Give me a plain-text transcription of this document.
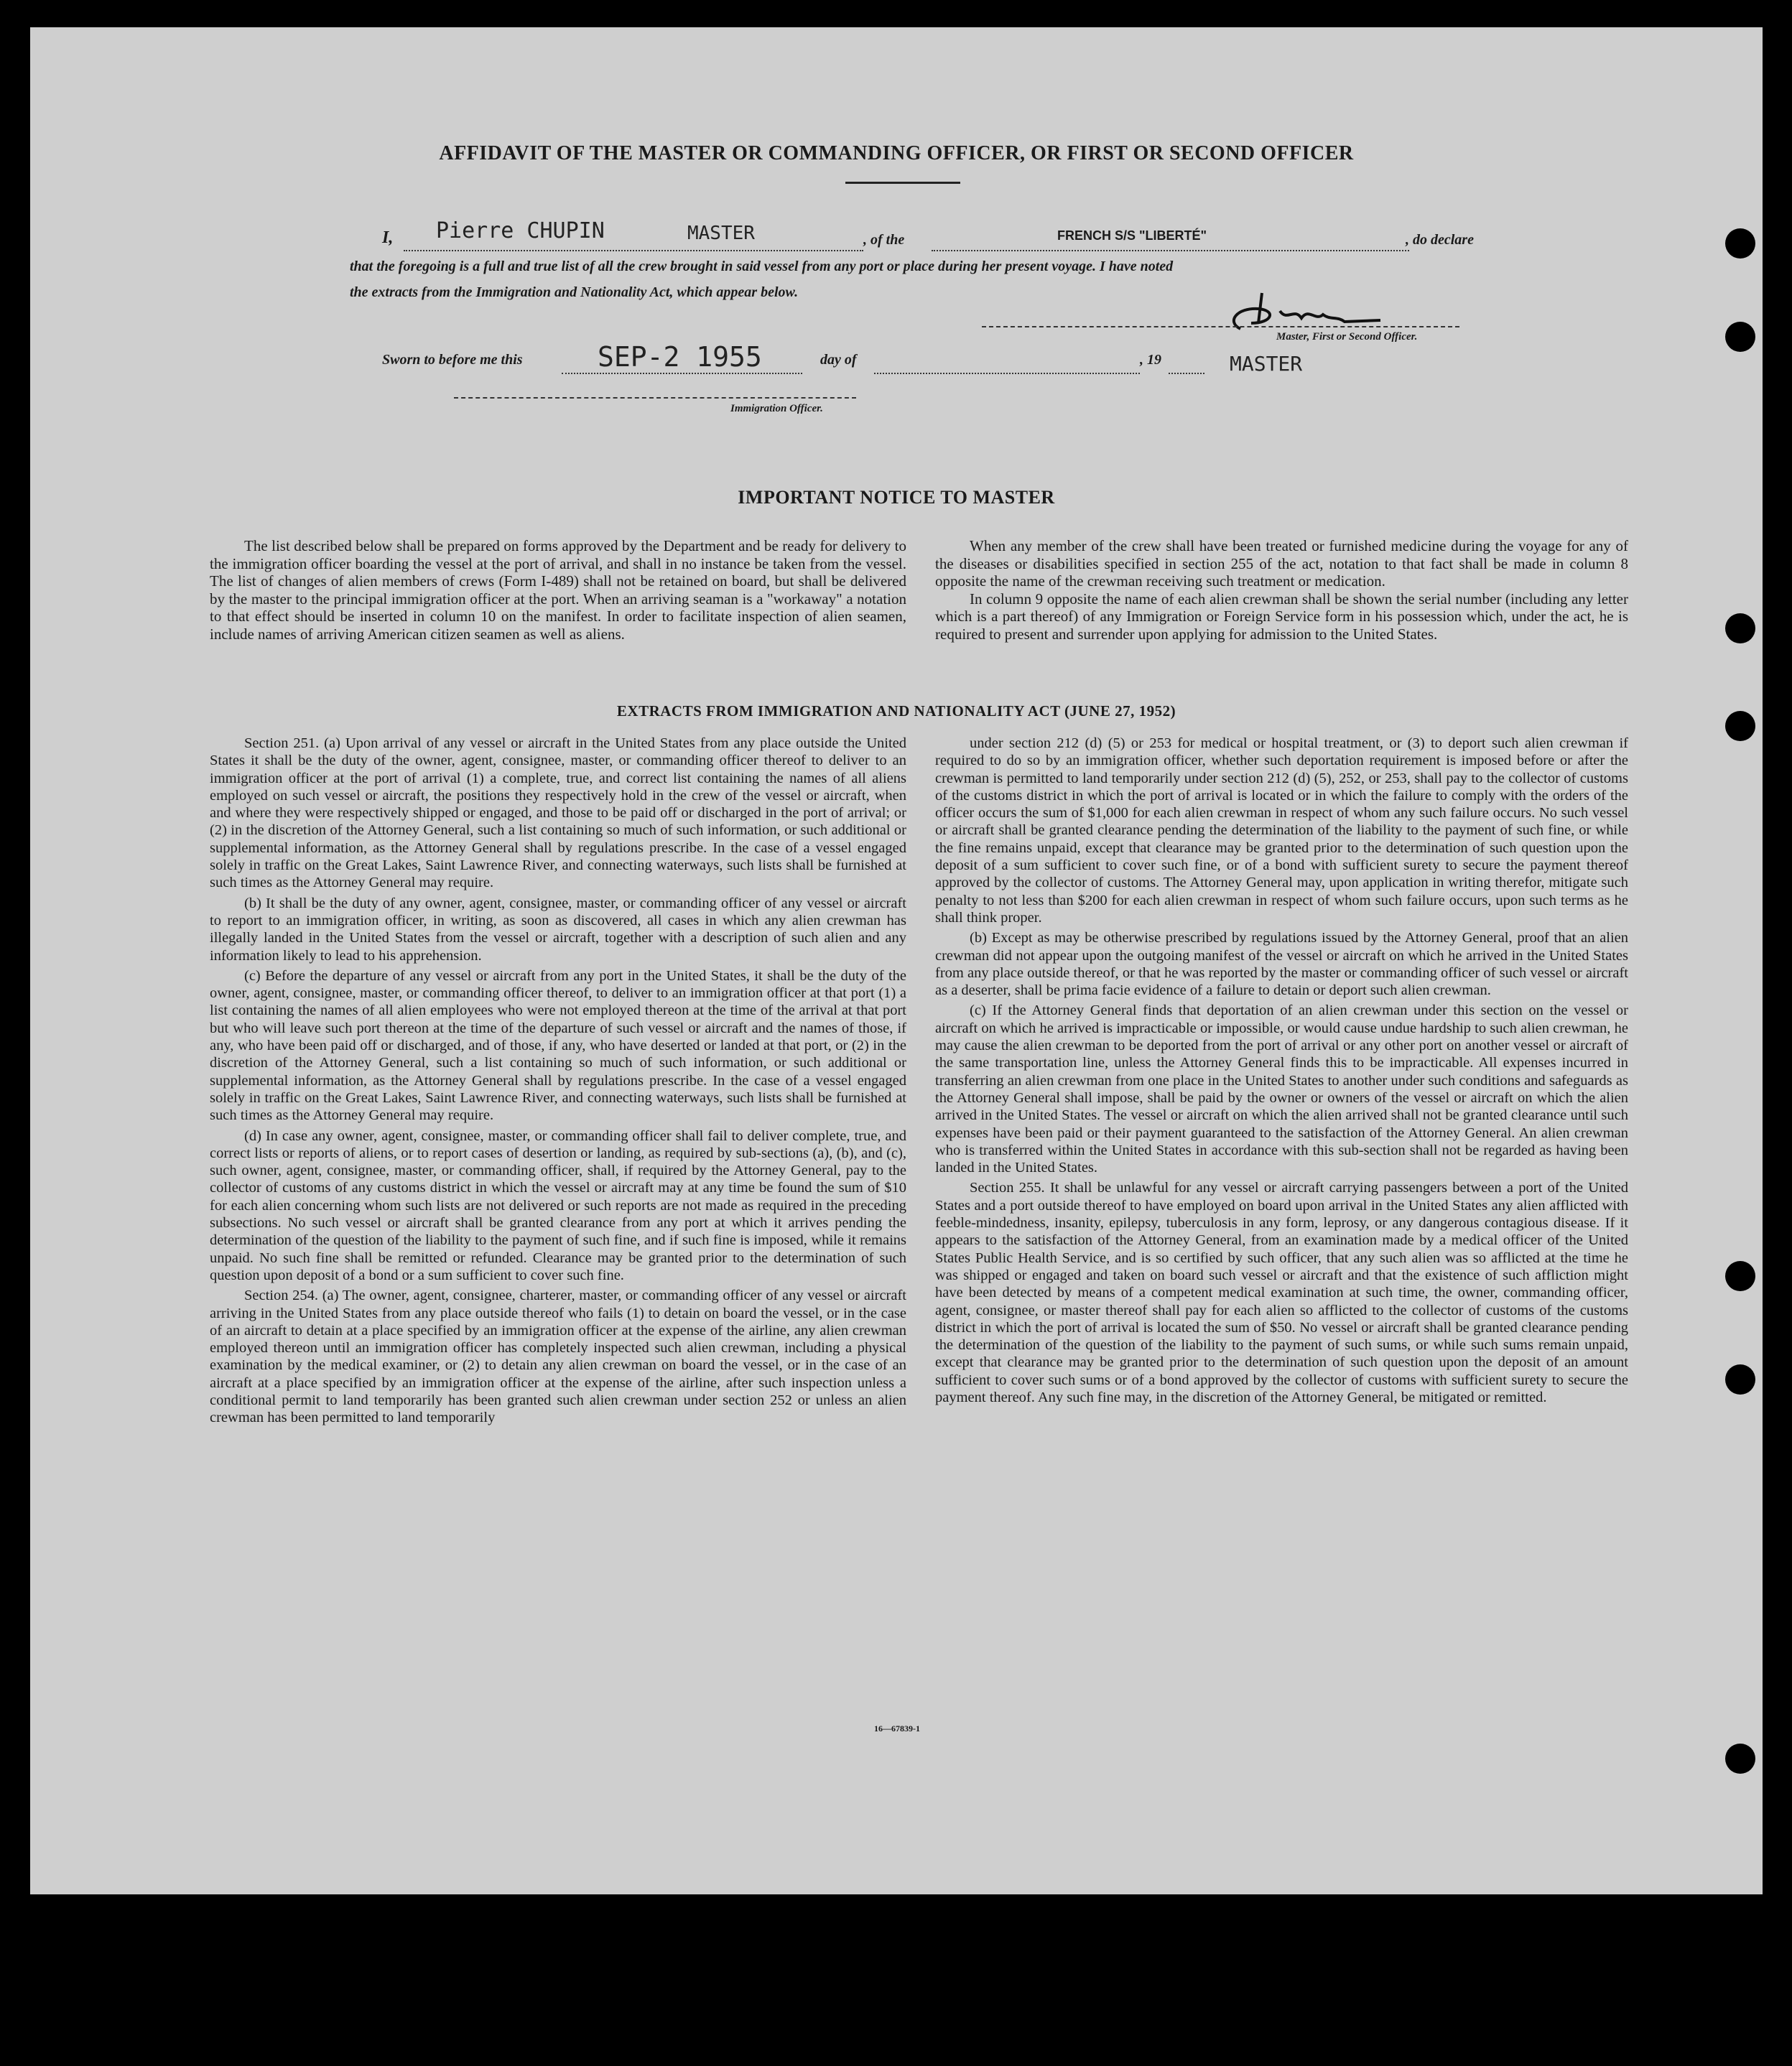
AFFIDAVIT OF THE MASTER OR COMMANDING OFFICER, OR FIRST OR SECOND OFFICER
I, Pierre CHUPIN	MASTER	, of the	FRENCH S/S "LIBERTÉ"	, do declare
that the foregoing is a full and true list of all the crew brought in said vessel from any port or place during her present voyage. I have noted
the extracts from the Immigration and Nationality Act, which appear below.
Master, First or Second Officer.
MASTER
Sworn to before me this	SEP-2 1955	day of	, 19
Immigration Officer.
IMPORTANT NOTICE TO MASTER

The list described below shall be prepared on forms approved by the Department and be ready for delivery to the immigration officer boarding the vessel at the port of arrival, and shall in no instance be taken from the vessel. The list of changes of alien members of crews (Form I-489) shall not be retained on board, but shall be delivered by the master to the principal immigration officer at the port. When an arriving seaman is a "workaway" a notation to that effect should be inserted in column 10 on the manifest. In order to facilitate inspection of alien seamen, include names of arriving American citizen seamen as well as aliens.

When any member of the crew shall have been treated or furnished medicine during the voyage for any of the diseases or disabilities specified in section 255 of the act, notation to that fact shall be made in column 8 opposite the name of the crewman receiving such treatment or medication.

In column 9 opposite the name of each alien crewman shall be shown the serial number (including any letter which is a part thereof) of any Immigration or Foreign Service form in his possession which, under the act, he is required to present and surrender upon applying for admission to the United States.

EXTRACTS FROM IMMIGRATION AND NATIONALITY ACT (JUNE 27, 1952)

Section 251. (a) Upon arrival of any vessel or aircraft in the United States from any place outside the United States it shall be the duty of the owner, agent, consignee, master, or commanding officer thereof to deliver to an immigration officer at the port of arrival (1) a complete, true, and correct list containing the names of all aliens employed on such vessel or aircraft, the positions they respectively hold in the crew of the vessel or aircraft, when and where they were respectively shipped or engaged, and those to be paid off or discharged in the port of arrival; or (2) in the discretion of the Attorney General, such a list containing so much of such information, or such additional or supplemental information, as the Attorney General shall by regulations prescribe. In the case of a vessel engaged solely in traffic on the Great Lakes, Saint Lawrence River, and connecting waterways, such lists shall be furnished at such times as the Attorney General may require.

(b) It shall be the duty of any owner, agent, consignee, master, or commanding officer of any vessel or aircraft to report to an immigration officer, in writing, as soon as discovered, all cases in which any alien crewman has illegally landed in the United States from the vessel or aircraft, together with a description of such alien and any information likely to lead to his apprehension.

(c) Before the departure of any vessel or aircraft from any port in the United States, it shall be the duty of the owner, agent, consignee, master, or commanding officer thereof, to deliver to an immigration officer at that port (1) a list containing the names of all alien employees who were not employed thereon at the time of the arrival at that port but who will leave such port thereon at the time of the departure of such vessel or aircraft and the names of those, if any, who have been paid off or discharged, and of those, if any, who have deserted or landed at that port, or (2) in the discretion of the Attorney General, such a list containing so much of such information, or such additional or supplemental information, as the Attorney General shall by regulations prescribe. In the case of a vessel engaged solely in traffic on the Great Lakes, Saint Lawrence River, and connecting waterways, such lists shall be furnished at such times as the Attorney General may require.

(d) In case any owner, agent, consignee, master, or commanding officer shall fail to deliver complete, true, and correct lists or reports of aliens, or to report cases of desertion or landing, as required by sub-sections (a), (b), and (c), such owner, agent, consignee, master, or commanding officer, shall, if required by the Attorney General, pay to the collector of customs of any customs district in which the vessel or aircraft may at any time be found the sum of $10 for each alien concerning whom such lists are not delivered or such reports are not made as required in the preceding subsections. No such vessel or aircraft shall be granted clearance from any port at which it arrives pending the determination of the question of the liability to the payment of such fine, and if such fine is imposed, while it remains unpaid. No such fine shall be remitted or refunded. Clearance may be granted prior to the determination of such question upon deposit of a bond or a sum sufficient to cover such fine.

Section 254. (a) The owner, agent, consignee, charterer, master, or commanding officer of any vessel or aircraft arriving in the United States from any place outside thereof who fails (1) to detain on board the vessel, or in the case of an aircraft to detain at a place specified by an immigration officer at the expense of the airline, any alien crewman employed thereon until an immigration officer has completely inspected such alien crewman, including a physical examination by the medical examiner, or (2) to detain any alien crewman on board the vessel, or in the case of an aircraft at a place specified by an immigration officer at the expense of the airline, after such inspection unless a conditional permit to land temporarily has been granted such alien crewman under section 252 or unless an alien crewman has been permitted to land temporarily

under section 212 (d) (5) or 253 for medical or hospital treatment, or (3) to deport such alien crewman if required to do so by an immigration officer, whether such deportation requirement is imposed before or after the crewman is permitted to land temporarily under section 212 (d) (5), 252, or 253, shall pay to the collector of customs of the customs district in which the port of arrival is located or in which the failure to comply with the orders of the officer occurs the sum of $1,000 for each alien crewman in respect of whom any such failure occurs. No such vessel or aircraft shall be granted clearance pending the determination of the liability to the payment of such fine, or while the fine remains unpaid, except that clearance may be granted prior to the determination of such question upon the deposit of a sum sufficient to cover such fine, or of a bond with sufficient surety to secure the payment thereof approved by the collector of customs. The Attorney General may, upon application in writing therefor, mitigate such penalty to not less than $200 for each alien crewman in respect of whom such failure occurs, upon such terms as he shall think proper.

(b) Except as may be otherwise prescribed by regulations issued by the Attorney General, proof that an alien crewman did not appear upon the outgoing manifest of the vessel or aircraft on which he arrived in the United States from any place outside thereof, or that he was reported by the master or commanding officer of such vessel or aircraft as a deserter, shall be prima facie evidence of a failure to detain or deport such alien crewman.

(c) If the Attorney General finds that deportation of an alien crewman under this section on the vessel or aircraft on which he arrived is impracticable or impossible, or would cause undue hardship to such alien crewman, he may cause the alien crewman to be deported from the port of arrival or any other port on another vessel or aircraft of the same transportation line, unless the Attorney General finds this to be impracticable. All expenses incurred in transferring an alien crewman from one place in the United States to another under such conditions and safeguards as the Attorney General shall impose, shall be paid by the owner or owners of the vessel or aircraft on which the alien arrived in the United States. The vessel or aircraft on which the alien arrived shall not be granted clearance until such expenses have been paid or their payment guaranteed to the satisfaction of the Attorney General. An alien crewman who is transferred within the United States in accordance with this sub-section shall not be regarded as having been landed in the United States.

Section 255. It shall be unlawful for any vessel or aircraft carrying passengers between a port of the United States and a port outside thereof to have employed on board upon arrival in the United States any alien afflicted with feeble-mindedness, insanity, epilepsy, tuberculosis in any form, leprosy, or any dangerous contagious disease. If it appears to the satisfaction of the Attorney General, from an examination made by a medical officer of the United States Public Health Service, and is so certified by such officer, that any such alien was so afflicted at the time he was shipped or engaged and taken on board such vessel or aircraft and that the existence of such affliction might have been detected by means of a competent medical examination at such time, the owner, commanding officer, agent, consignee, or master thereof shall pay for each alien so afflicted to the collector of customs of the customs district in which the port of arrival is located the sum of $50. No vessel or aircraft shall be granted clearance pending the determination of the question of the liability to the payment of such sums, or while such sums remain unpaid, except that clearance may be granted prior to the determination of such question upon the deposit of an amount sufficient to cover such sums or of a bond approved by the collector of customs with sufficient surety to secure the payment thereof. Any such fine may, in the discretion of the Attorney General, be mitigated or remitted.

16—67839-1
